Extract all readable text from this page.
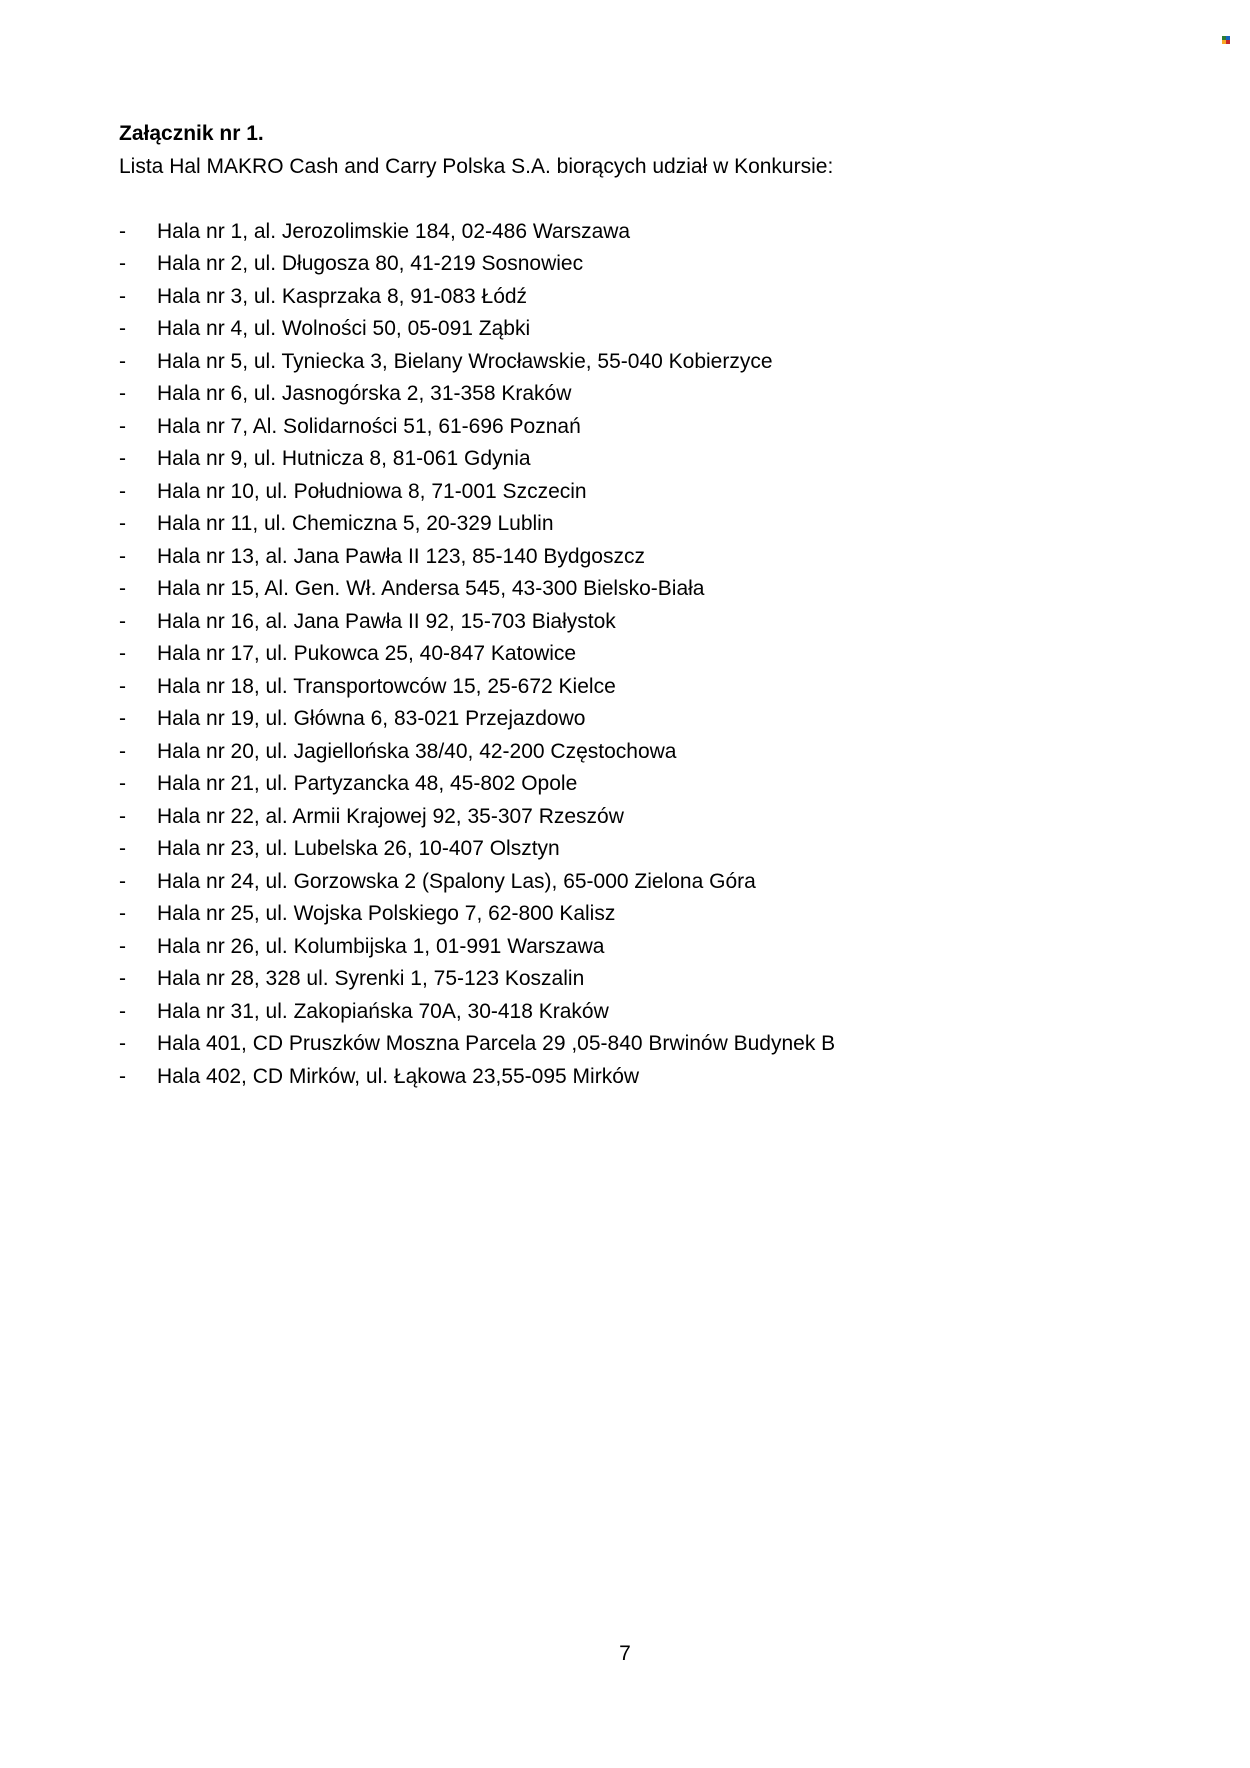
Załącznik nr 1.

Lista Hal MAKRO Cash and Carry Polska S.A. biorących udział w Konkursie:

-	Hala nr 1, al. Jerozolimskie 184, 02-486 Warszawa
-	Hala nr 2, ul. Długosza 80, 41-219 Sosnowiec
-	Hala nr 3, ul. Kasprzaka 8, 91-083 Łódź
-	Hala nr 4, ul. Wolności 50, 05-091 Ząbki
-	Hala nr 5, ul. Tyniecka 3, Bielany Wrocławskie, 55-040 Kobierzyce
-	Hala nr 6, ul. Jasnogórska 2, 31-358 Kraków
-	Hala nr 7, Al. Solidarności 51, 61-696 Poznań
-	Hala nr 9, ul. Hutnicza 8, 81-061 Gdynia
-	Hala nr 10, ul. Południowa 8, 71-001 Szczecin
-	Hala nr 11, ul. Chemiczna 5, 20-329 Lublin
-	Hala nr 13, al. Jana Pawła II 123, 85-140 Bydgoszcz
-	Hala nr 15, Al. Gen. Wł. Andersa 545, 43-300 Bielsko-Biała
-	Hala nr 16, al. Jana Pawła II 92, 15-703 Białystok
-	Hala nr 17, ul. Pukowca 25, 40-847 Katowice
-	Hala nr 18, ul. Transportowców 15, 25-672 Kielce
-	Hala nr 19, ul. Główna 6, 83-021 Przejazdowo
-	Hala nr 20, ul. Jagiellońska 38/40, 42-200 Częstochowa
-	Hala nr 21, ul. Partyzancka 48, 45-802 Opole
-	Hala nr 22, al. Armii Krajowej 92, 35-307 Rzeszów
-	Hala nr 23, ul. Lubelska 26, 10-407 Olsztyn
-	Hala nr 24, ul. Gorzowska 2 (Spalony Las), 65-000 Zielona Góra
-	Hala nr 25, ul. Wojska Polskiego 7, 62-800 Kalisz
-	Hala nr 26, ul. Kolumbijska 1, 01-991 Warszawa
-	Hala nr 28, 328 ul. Syrenki 1, 75-123 Koszalin
-	Hala nr 31, ul. Zakopiańska 70A, 30-418 Kraków
-	Hala 401, CD Pruszków Moszna Parcela 29 ,05-840 Brwinów Budynek B
-	Hala 402, CD Mirków, ul. Łąkowa 23,55-095 Mirków
7
